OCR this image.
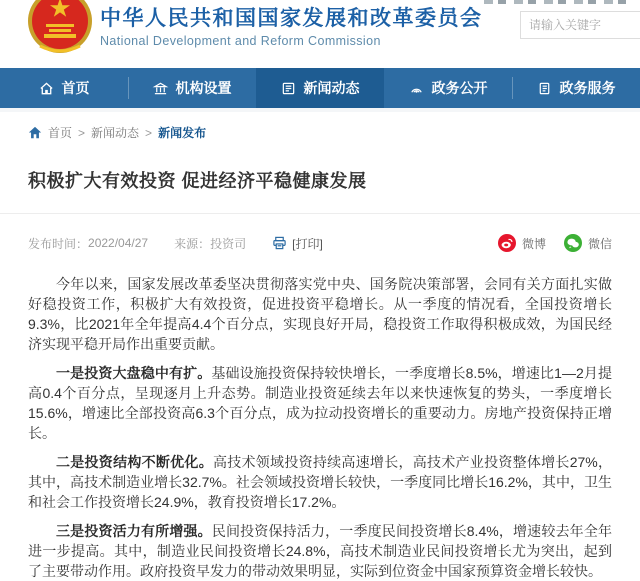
中华人民共和国国家发展和改革委员会
National Development and Reform Commission
请输入关键字
首页	机构设置	新闻动态	政务公开	政务服务
首页 > 新闻动态 > 新闻发布
积极扩大有效投资 促进经济平稳健康发展
发布时间： 2022/04/27 来源： 投资司	[打印]	微博	微信

今年以来，国家发展改革委坚决贯彻落实党中央、国务院决策部署，会同有关方面扎实做好稳投资工作，积极扩大有效投资，促进投资平稳增长。从一季度的情况看，全国投资增长9.3%，比2021年全年提高4.4个百分点，实现良好开局，稳投资工作取得积极成效，为国民经济实现平稳开局作出重要贡献。

一是投资大盘稳中有扩。基础设施投资保持较快增长，一季度增长8.5%，增速比1—2月提高0.4个百分点，呈现逐月上升态势。制造业投资延续去年以来快速恢复的势头，一季度增长15.6%，增速比全部投资高6.3个百分点，成为拉动投资增长的重要动力。房地产投资保持正增长。

二是投资结构不断优化。高技术领域投资持续高速增长，高技术产业投资整体增长27%，其中，高技术制造业增长32.7%。社会领域投资增长较快，一季度同比增长16.2%，其中，卫生和社会工作投资增长24.9%，教育投资增长17.2%。

三是投资活力有所增强。民间投资保持活力，一季度民间投资增长8.4%，增速较去年全年进一步提高。其中，制造业民间投资增长24.8%，高技术制造业民间投资增长尤为突出，起到了主要带动作用。政府投资早发力的带动效果明显，实际到位资金中国家预算资金增长较快。
